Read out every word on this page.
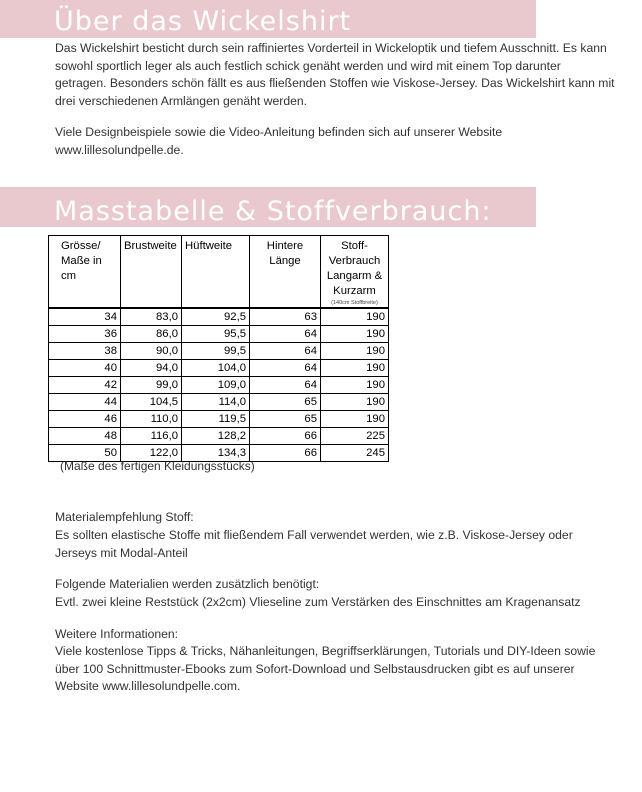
Über das Wickelshirt

Das Wickelshirt besticht durch sein raffiniertes Vorderteil in Wickeloptik und tiefem Ausschnitt. Es kann sowohl sportlich leger als auch festlich schick genäht werden und wird mit einem Top darunter getragen. Besonders schön fällt es aus fließenden Stoffen wie Viskose-Jersey. Das Wickelshirt kann mit drei verschiedenen Armlängen genäht werden.

Viele Designbeispiele sowie die Video-Anleitung befinden sich auf unserer Website www.lillesolundpelle.de.

Masstabelle & Stoffverbrauch:
Grösse/ Maße in cm	Brustweite	Hüftweite	Hintere Länge	Stoff-Verbrauch Langarm & Kurzarm
(140cm Stoffbreite)

34	83,0	92,5	63	190
36	86,0	95,5	64	190
38	90,0	99,5	64	190
40	94,0	104,0	64	190
42	99,0	109,0	64	190
44	104,5	114,0	65	190
46	110,0	119,5	65	190
48	116,0	128,2	66	225
50	122,0	134,3	66	245

(Maße des fertigen Kleidungsstücks)

Materialempfehlung Stoff:

Es sollten elastische Stoffe mit fließendem Fall verwendet werden, wie z.B. Viskose-Jersey oder Jerseys mit Modal-Anteil

Folgende Materialien werden zusätzlich benötigt:

Evtl. zwei kleine Reststück (2x2cm) Vlieseline zum Verstärken des Einschnittes am Kragenansatz

Weitere Informationen:

Viele kostenlose Tipps & Tricks, Nähanleitungen, Begriffserklärungen, Tutorials und DIY-Ideen sowie über 100 Schnittmuster-Ebooks zum Sofort-Download und Selbstausdrucken gibt es auf unserer Website www.lillesolundpelle.com.
